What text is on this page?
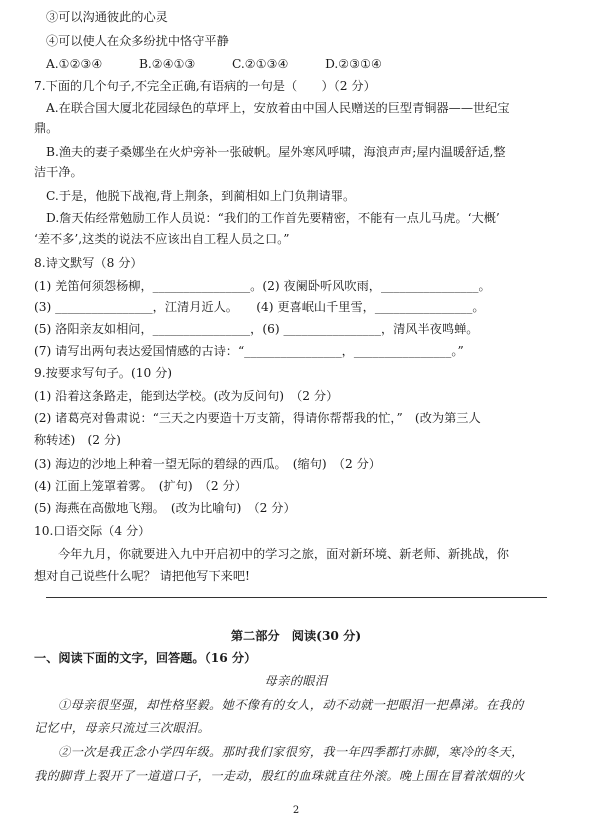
③可以沟通彼此的心灵
④可以使人在众多纷扰中恪守平静
A.①②③④　　　B.②④①③　　　C.②①③④　　　D.②③①④
7.下面的几个句子,不完全正确,有语病的一句是（　　）（2 分）
A.在联合国大厦北花园绿色的草坪上，安放着由中国人民赠送的巨型青铜器——世纪宝
鼎。
B.渔夫的妻子桑娜坐在火炉旁补一张破帆。屋外寒风呼啸，海浪声声;屋内温暖舒适,整
洁干净。
C.于是，他脱下战袍,背上荆条，到蔺相如上门负荆请罪。
D.詹天佑经常勉励工作人员说：“我们的工作首先要精密，不能有一点儿马虎。‘大概’
‘差不多’,这类的说法不应该出自工程人员之口。”
8.诗文默写（8 分）
(1) 羌笛何须怨杨柳，________________。(2) 夜阑卧听风吹雨，________________。
(3) ________________，江清月近人。　　(4) 更喜岷山千里雪，________________。
(5) 洛阳亲友如相问，________________，(6) ________________，清风半夜鸣蝉。
(7) 请写出两句表达爱国情感的古诗：“________________，________________。”
9.按要求写句子。(10 分)
(1) 沿着这条路走，能到达学校。(改为反问句)　（2 分）
(2) 诸葛亮对鲁肃说：“三天之内要造十万支箭，得请你帮帮我的忙，”　(改为第三人
称转述)　(2 分)
(3) 海边的沙地上种着一望无际的碧绿的西瓜。　(缩句)　（2 分）
(4) 江面上笼罩着雾。　(扩句)　（2 分）
(5) 海燕在高傲地飞翔。　(改为比喻句)　（2 分）
10.口语交际（4 分）
今年九月，你就要进入九中开启初中的学习之旅，面对新环境、新老师、新挑战，你
想对自己说些什么呢？ 请把他写下来吧!
第二部分　阅读(30 分)
一、阅读下面的文字，回答题。（16 分）
母亲的眼泪
①母亲很坚强，却性格坚毅。她不像有的女人，动不动就一把眼泪一把鼻涕。在我的
记忆中，母亲只流过三次眼泪。
②一次是我正念小学四年级。那时我们家很穷，我一年四季都打赤脚，寒冷的冬天，
我的脚背上裂开了一道道口子，一走动，殷红的血珠就直往外滚。晚上围在冒着浓烟的火
2
